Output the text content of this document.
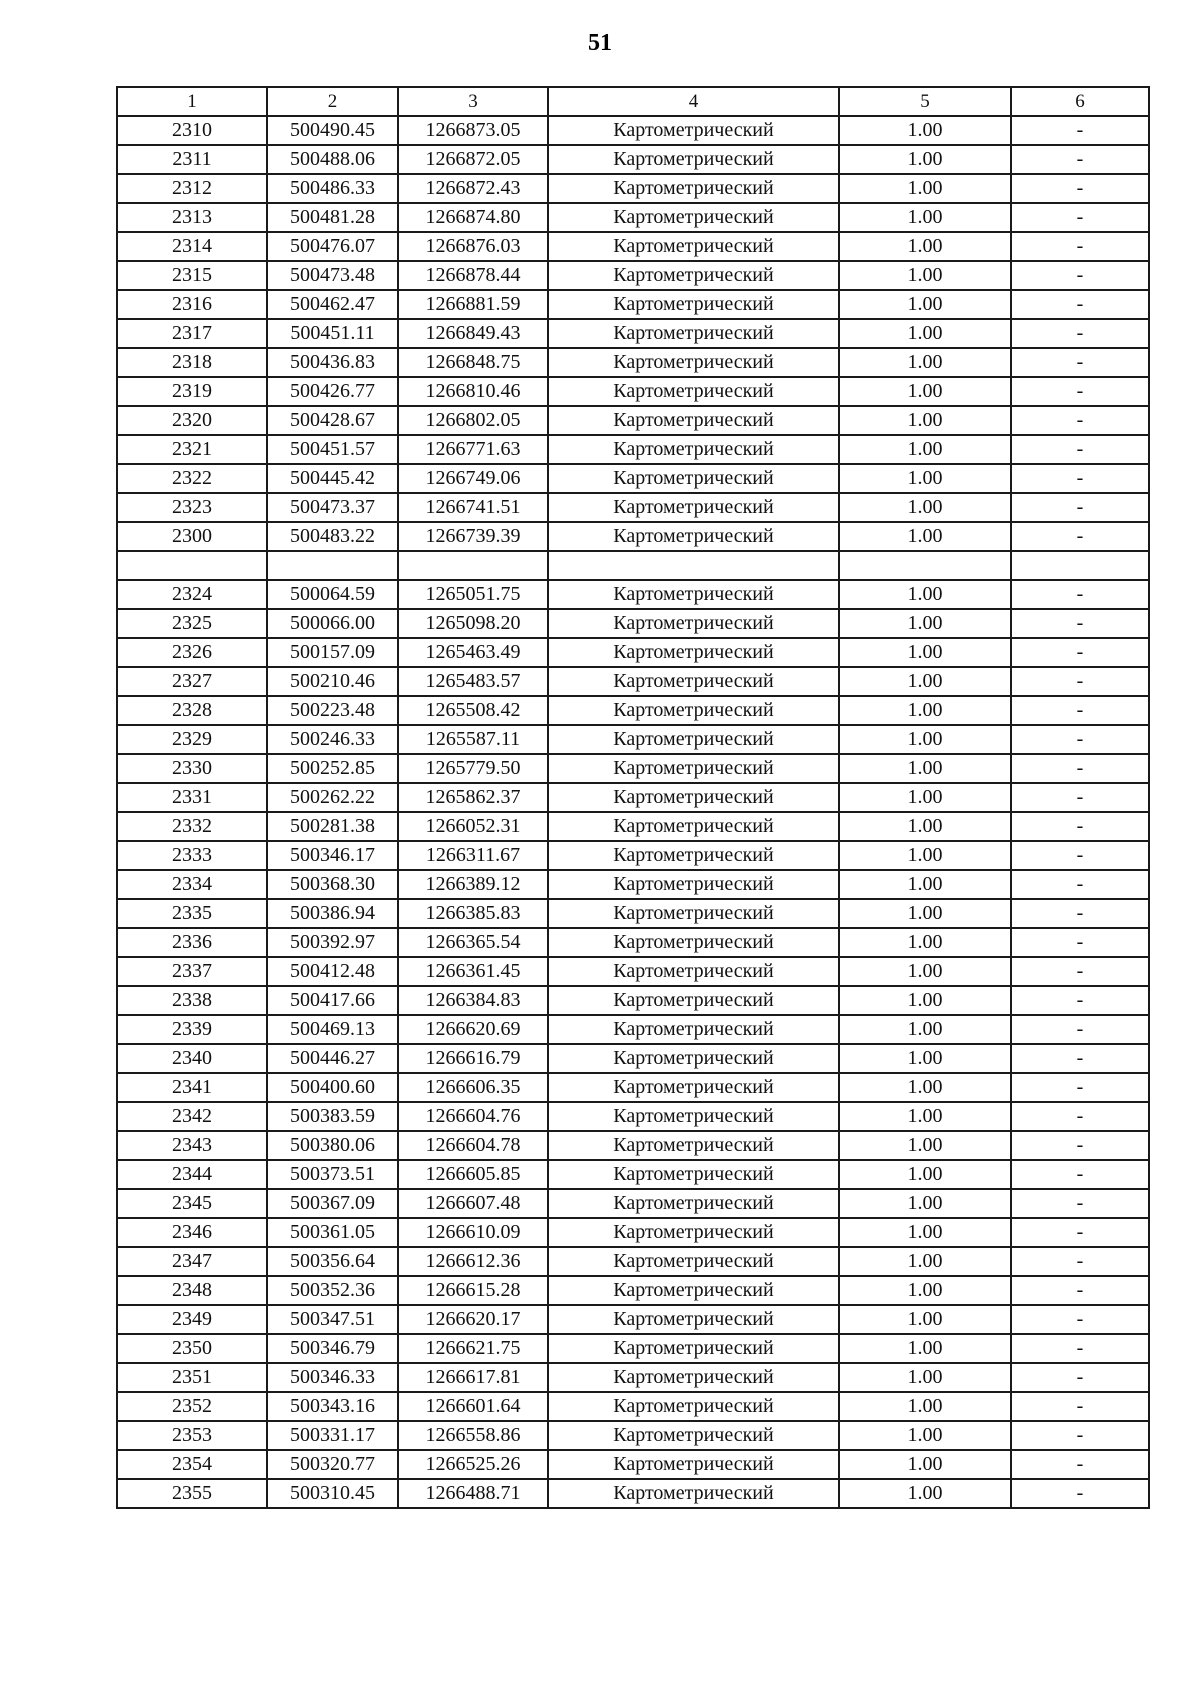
51
1	2	3	4	5	6
2310	500490.45	1266873.05	Картометрический	1.00	-
2311	500488.06	1266872.05	Картометрический	1.00	-
2312	500486.33	1266872.43	Картометрический	1.00	-
2313	500481.28	1266874.80	Картометрический	1.00	-
2314	500476.07	1266876.03	Картометрический	1.00	-
2315	500473.48	1266878.44	Картометрический	1.00	-
2316	500462.47	1266881.59	Картометрический	1.00	-
2317	500451.11	1266849.43	Картометрический	1.00	-
2318	500436.83	1266848.75	Картометрический	1.00	-
2319	500426.77	1266810.46	Картометрический	1.00	-
2320	500428.67	1266802.05	Картометрический	1.00	-
2321	500451.57	1266771.63	Картометрический	1.00	-
2322	500445.42	1266749.06	Картометрический	1.00	-
2323	500473.37	1266741.51	Картометрический	1.00	-
2300	500483.22	1266739.39	Картометрический	1.00	-

2324	500064.59	1265051.75	Картометрический	1.00	-
2325	500066.00	1265098.20	Картометрический	1.00	-
2326	500157.09	1265463.49	Картометрический	1.00	-
2327	500210.46	1265483.57	Картометрический	1.00	-
2328	500223.48	1265508.42	Картометрический	1.00	-
2329	500246.33	1265587.11	Картометрический	1.00	-
2330	500252.85	1265779.50	Картометрический	1.00	-
2331	500262.22	1265862.37	Картометрический	1.00	-
2332	500281.38	1266052.31	Картометрический	1.00	-
2333	500346.17	1266311.67	Картометрический	1.00	-
2334	500368.30	1266389.12	Картометрический	1.00	-
2335	500386.94	1266385.83	Картометрический	1.00	-
2336	500392.97	1266365.54	Картометрический	1.00	-
2337	500412.48	1266361.45	Картометрический	1.00	-
2338	500417.66	1266384.83	Картометрический	1.00	-
2339	500469.13	1266620.69	Картометрический	1.00	-
2340	500446.27	1266616.79	Картометрический	1.00	-
2341	500400.60	1266606.35	Картометрический	1.00	-
2342	500383.59	1266604.76	Картометрический	1.00	-
2343	500380.06	1266604.78	Картометрический	1.00	-
2344	500373.51	1266605.85	Картометрический	1.00	-
2345	500367.09	1266607.48	Картометрический	1.00	-
2346	500361.05	1266610.09	Картометрический	1.00	-
2347	500356.64	1266612.36	Картометрический	1.00	-
2348	500352.36	1266615.28	Картометрический	1.00	-
2349	500347.51	1266620.17	Картометрический	1.00	-
2350	500346.79	1266621.75	Картометрический	1.00	-
2351	500346.33	1266617.81	Картометрический	1.00	-
2352	500343.16	1266601.64	Картометрический	1.00	-
2353	500331.17	1266558.86	Картометрический	1.00	-
2354	500320.77	1266525.26	Картометрический	1.00	-
2355	500310.45	1266488.71	Картометрический	1.00	-
